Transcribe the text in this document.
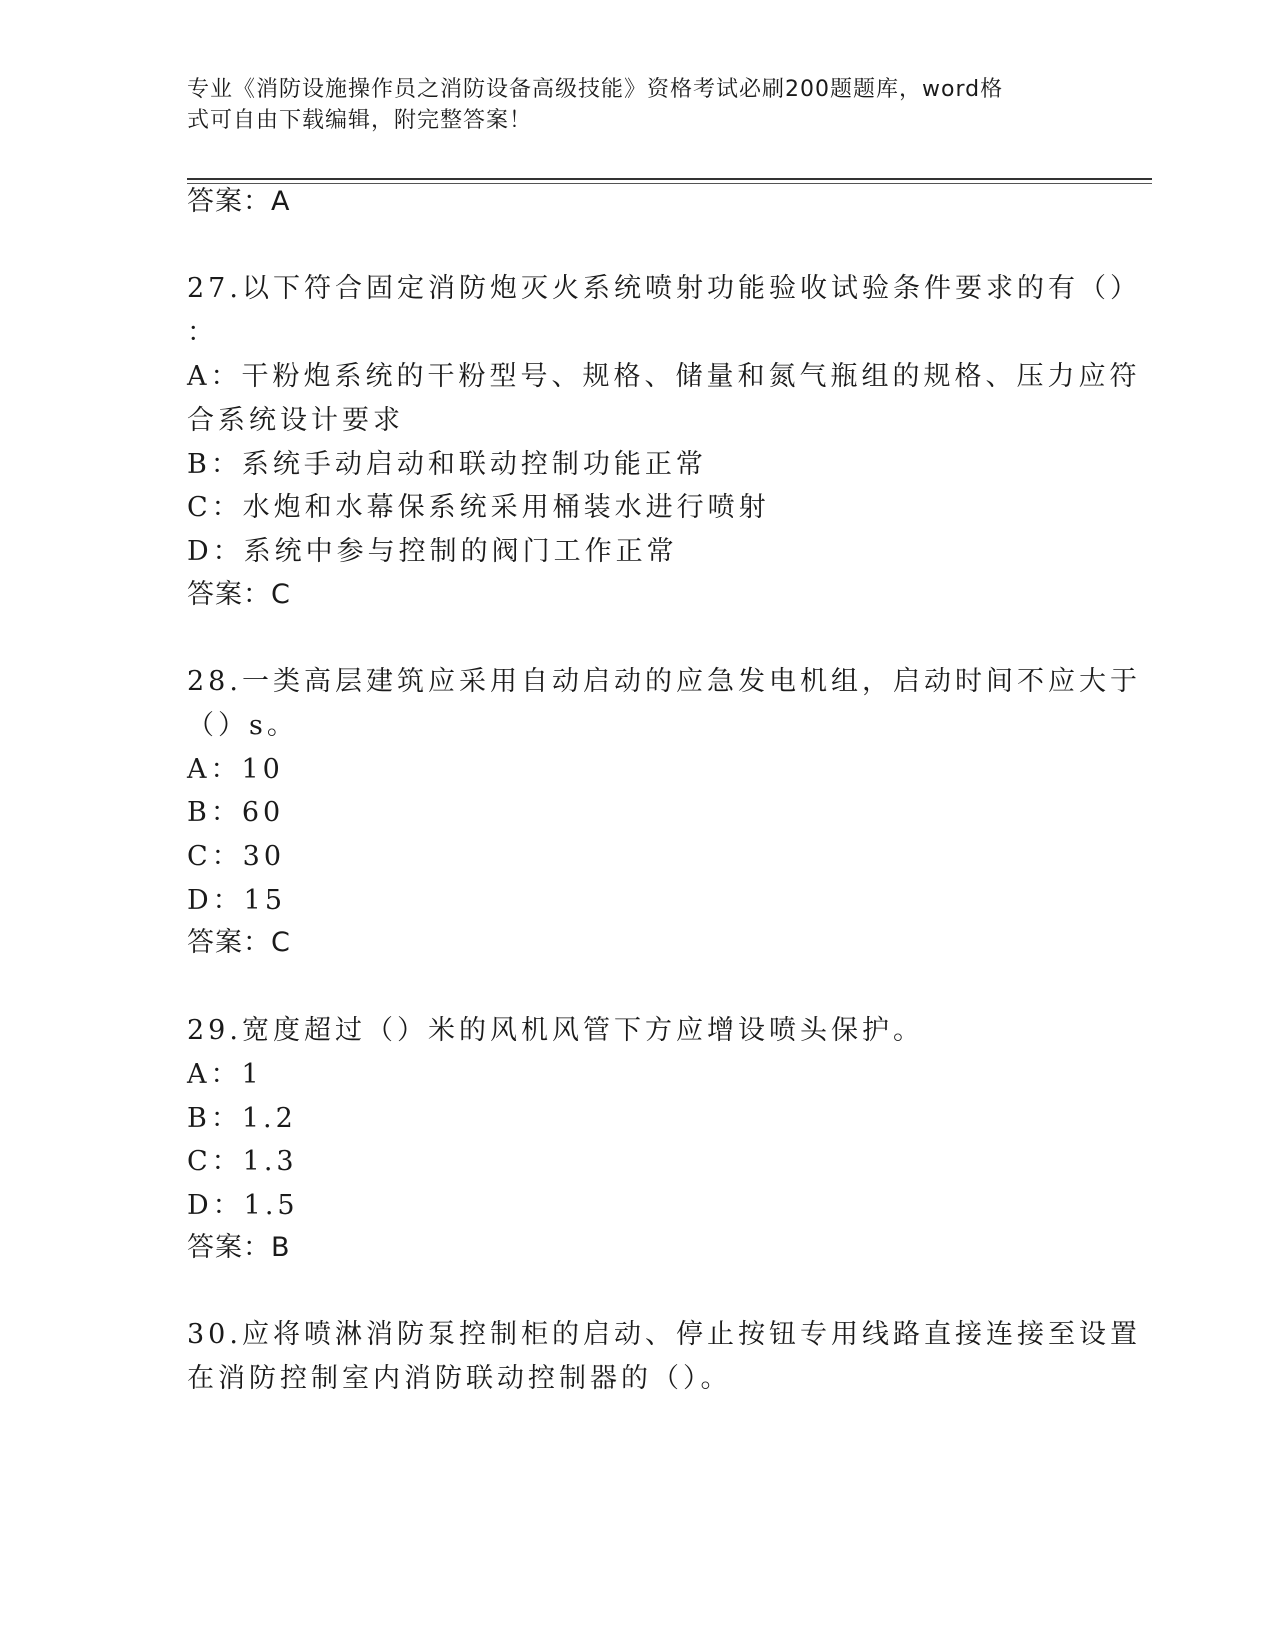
专业《消防设施操作员之消防设备高级技能》资格考试必刷200题题库，word格
式可自由下载编辑，附完整答案！
答案：A
27.以下符合固定消防炮灭火系统喷射功能验收试验条件要求的有（）
：
A：干粉炮系统的干粉型号、规格、储量和氮气瓶组的规格、压力应符
合系统设计要求
B：系统手动启动和联动控制功能正常
C：水炮和水幕保系统采用桶装水进行喷射
D：系统中参与控制的阀门工作正常
答案：C
28.一类高层建筑应采用自动启动的应急发电机组，启动时间不应大于
（）s。
A：10
B：60
C：30
D：15
答案：C
29.宽度超过（）米的风机风管下方应增设喷头保护。
A：1
B：1.2
C：1.3
D：1.5
答案：B
30.应将喷淋消防泵控制柜的启动、停止按钮专用线路直接连接至设置
在消防控制室内消防联动控制器的（）。
